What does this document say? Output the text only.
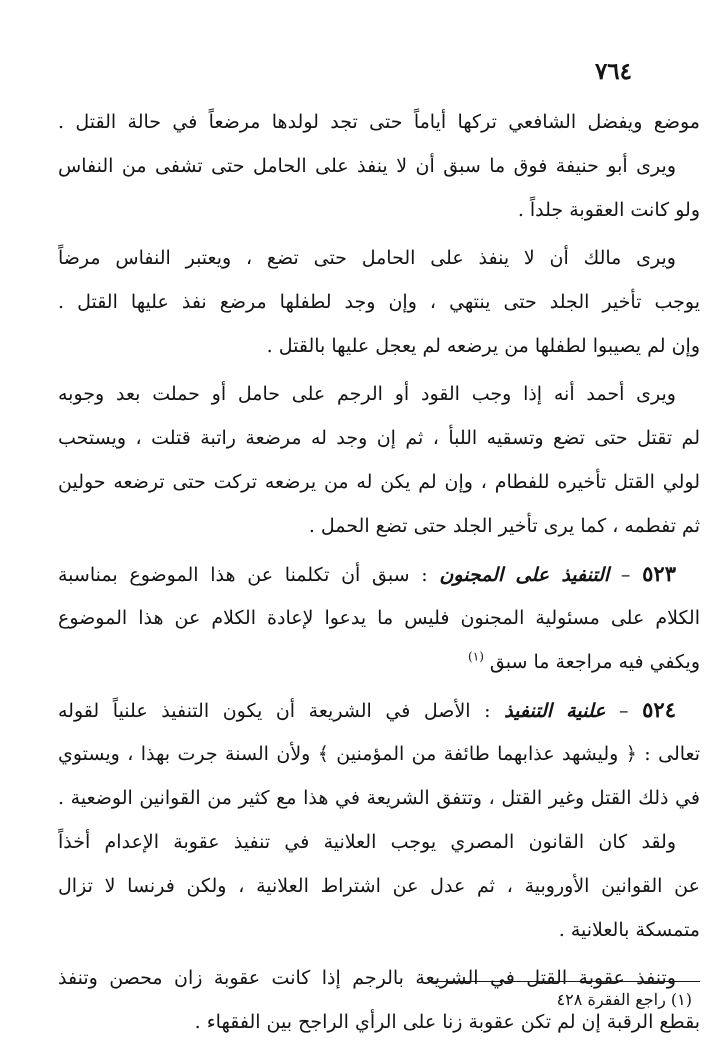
٧٦٤
موضع ويفضل الشافعي تركها أياماً حتى تجد لولدها مرضعاً في حالة القتل .
ويرى أبو حنيفة فوق ما سبق أن لا ينفذ على الحامل حتى تشفى من النفاس
ولو كانت العقوبة جلداً .
ويرى مالك أن لا ينفذ على الحامل حتى تضع ، ويعتبر النفاس مرضاً
يوجب تأخير الجلد حتى ينتهي ، وإن وجد لطفلها مرضع نفذ عليها القتل .
وإن لم يصيبوا لطفلها من يرضعه لم يعجل عليها بالقتل .
ويرى أحمد أنه إذا وجب القود أو الرجم على حامل أو حملت بعد وجوبه
لم تقتل حتى تضع وتسقيه اللبأ ، ثم إن وجد له مرضعة راتبة قتلت ، ويستحب
لولي القتل تأخيره للفطام ، وإن لم يكن له من يرضعه تركت حتى ترضعه حولين
ثم تفطمه ، كما يرى تأخير الجلد حتى تضع الحمل .
٥٢٣ – التنفيذ على المجنون : سبق أن تكلمنا عن هذا الموضوع بمناسبة
الكلام على مسئولية المجنون فليس ما يدعوا لإعادة الكلام عن هذا الموضوع
ويكفي فيه مراجعة ما سبق $^{(١)}$
٥٢٤ – علنية التنفيذ : الأصل في الشريعة أن يكون التنفيذ علنياً لقوله
تعالى : ﴿ وليشهد عذابهما طائفة من المؤمنين ﴾ ولأن السنة جرت بهذا ، ويستوي
في ذلك القتل وغير القتل ، وتتفق الشريعة في هذا مع كثير من القوانين الوضعية .
ولقد كان القانون المصري يوجب العلانية في تنفيذ عقوبة الإعدام أخذاً
عن القوانين الأوروبية ، ثم عدل عن اشتراط العلانية ، ولكن فرنسا لا تزال
متمسكة بالعلانية .
وتنفذ عقوبة القتل في الشريعة بالرجم إذا كانت عقوبة زان محصن وتنفذ
بقطع الرقبة إن لم تكن عقوبة زنا على الرأي الراجح بين الفقهاء .
(١) راجع الفقرة ٤٢٨
